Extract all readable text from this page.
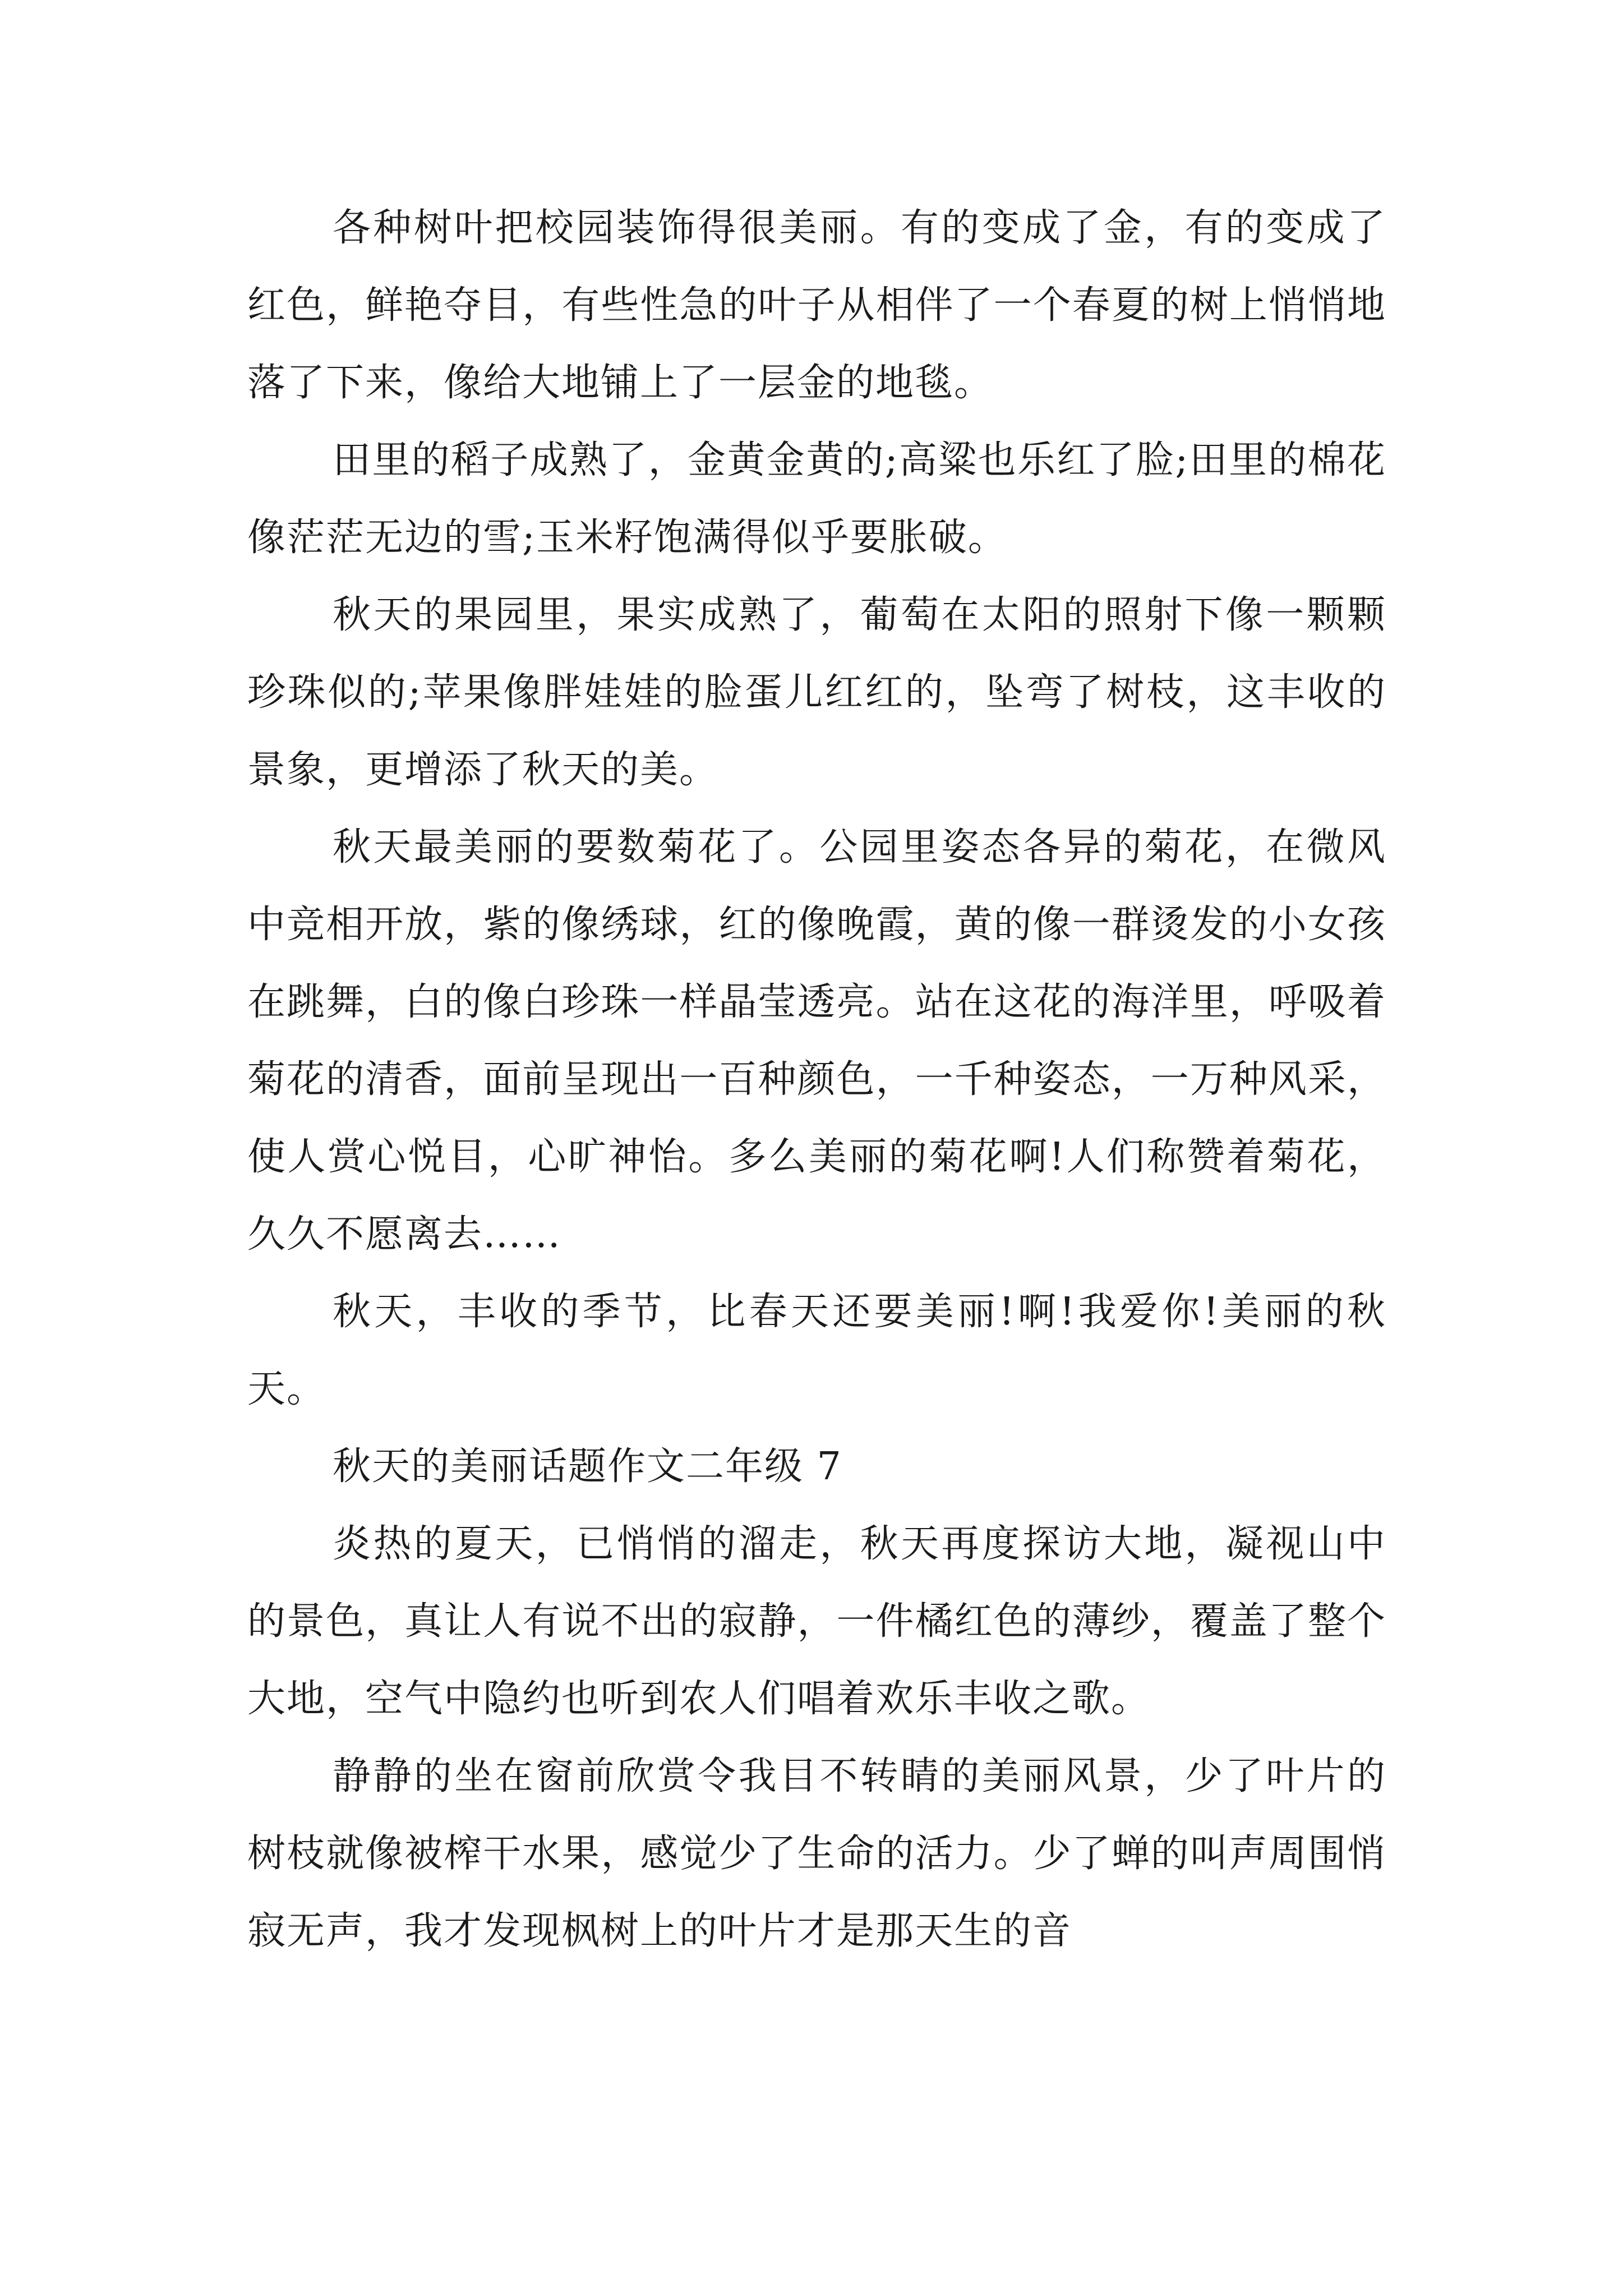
各种树叶把校园装饰得很美丽。有的变成了金，有的变成了红色，鲜艳夺目，有些性急的叶子从相伴了一个春夏的树上悄悄地落了下来，像给大地铺上了一层金的地毯。

田里的稻子成熟了，金黄金黄的;高粱也乐红了脸;田里的棉花像茫茫无边的雪;玉米籽饱满得似乎要胀破。

秋天的果园里，果实成熟了，葡萄在太阳的照射下像一颗颗珍珠似的;苹果像胖娃娃的脸蛋儿红红的，坠弯了树枝，这丰收的景象，更增添了秋天的美。

秋天最美丽的要数菊花了。公园里姿态各异的菊花，在微风中竞相开放，紫的像绣球，红的像晚霞，黄的像一群烫发的小女孩在跳舞，白的像白珍珠一样晶莹透亮。站在这花的海洋里，呼吸着菊花的清香，面前呈现出一百种颜色，一千种姿态，一万种风采，使人赏心悦目，心旷神怡。多么美丽的菊花啊!人们称赞着菊花，久久不愿离去……

秋天，丰收的季节，比春天还要美丽!啊!我爱你!美丽的秋天。

秋天的美丽话题作文二年级 7

炎热的夏天，已悄悄的溜走，秋天再度探访大地，凝视山中的景色，真让人有说不出的寂静，一件橘红色的薄纱，覆盖了整个大地，空气中隐约也听到农人们唱着欢乐丰收之歌。

静静的坐在窗前欣赏令我目不转睛的美丽风景，少了叶片的树枝就像被榨干水果，感觉少了生命的活力。少了蝉的叫声周围悄寂无声，我才发现枫树上的叶片才是那天生的音
